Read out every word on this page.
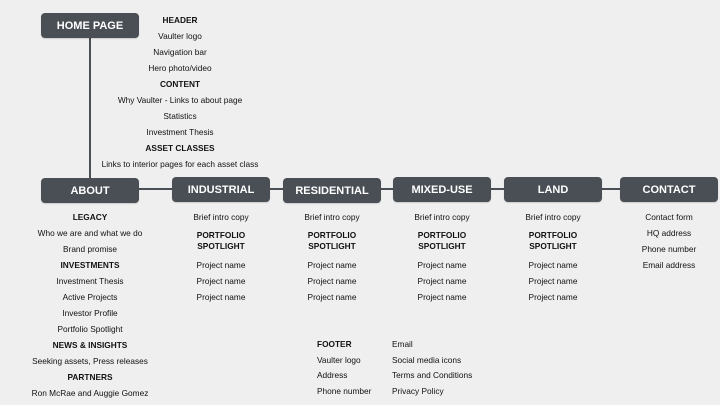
HOME PAGE	HEADER
Vaulter logo
Navigation bar
Hero photo/video
CONTENT
Why Vaulter - Links to about page
Statistics
Investment Thesis
ASSET CLASSES
Links to interior pages for each asset class
ABOUT
LEGACY
Who we are and what we do
Brand promise
INVESTMENTS
Investment Thesis
Active Projects
Investor Profile
Portfolio Spotlight
NEWS & INSIGHTS
Seeking assets, Press releases
PARTNERS
Ron McRae and Auggie Gomez
INDUSTRIAL
Brief intro copy
PORTFOLIO
SPOTLIGHT
Project name
Project name
Project name
RESIDENTIAL
Brief intro copy
PORTFOLIO
SPOTLIGHT
Project name
Project name
Project name
MIXED-USE
Brief intro copy
PORTFOLIO
SPOTLIGHT
Project name
Project name
Project name
LAND
Brief intro copy
PORTFOLIO
SPOTLIGHT
Project name
Project name
Project name
CONTACT
Contact form
HQ address
Phone number
Email address
FOOTER
Vaulter logo
Address
Phone number
Email
Social media icons
Terms and Conditions
Privacy Policy
